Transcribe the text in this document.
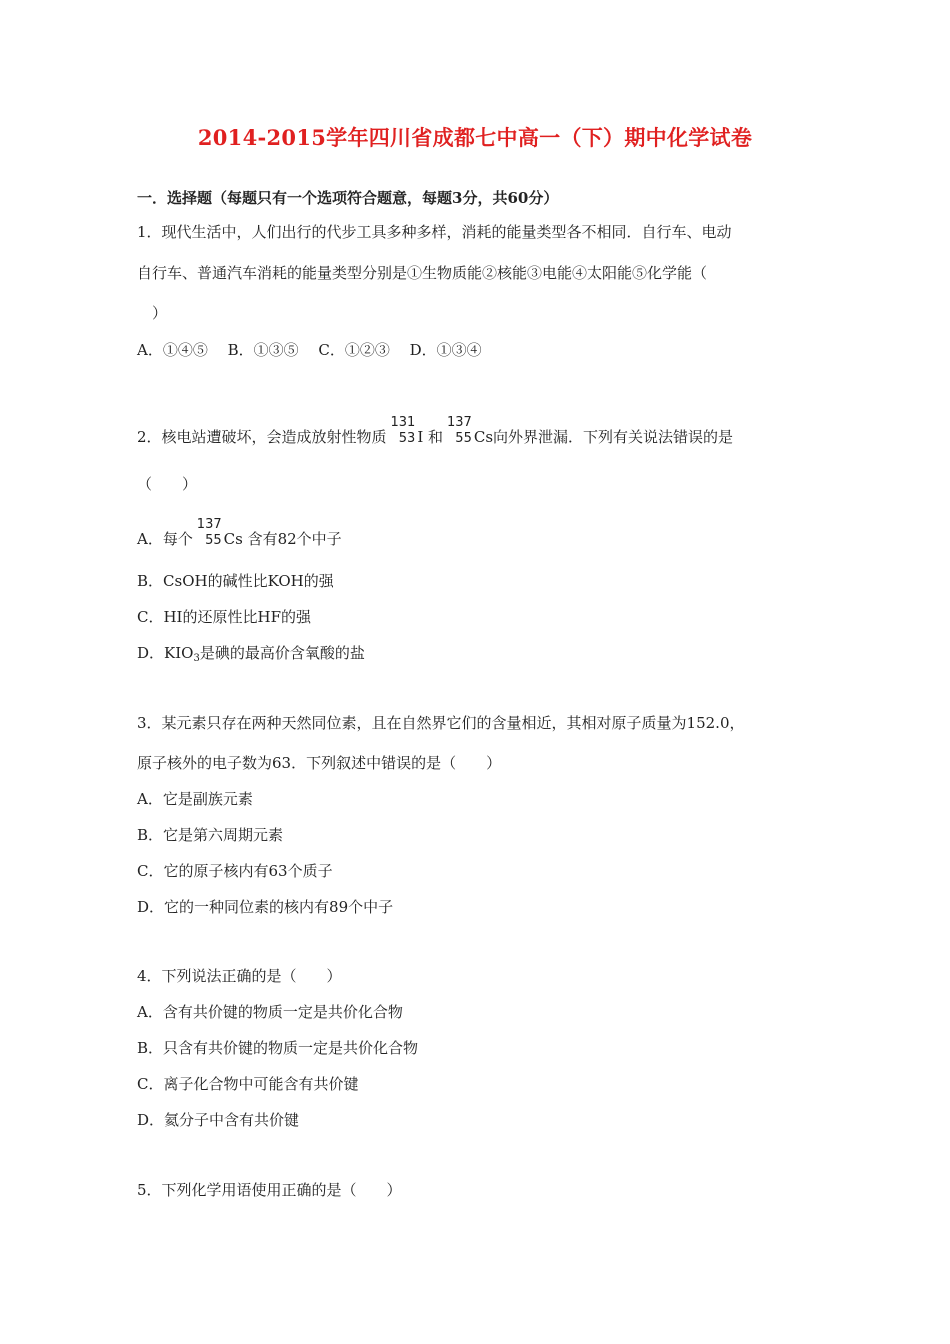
2014-2015学年四川省成都七中高一（下）期中化学试卷
一．选择题（每题只有一个选项符合题意，每题3分，共60分）
1．现代生活中，人们出行的代步工具多种多样，消耗的能量类型各不相同．自行车、电动
自行车、普通汽车消耗的能量类型分别是①生物质能②核能③电能④太阳能⑤化学能（
　）
A．①④⑤　 B．①③⑤　 C．①②③　 D．①③④
2．核电站遭破坏，会造成放射性物质
131
53 I 和
137
55 Cs向外界泄漏．下列有关说法错误的是
（　　）
A．每个
137
55 Cs 含有82个中子
B．CsOH的碱性比KOH的强
C．HI的还原性比HF的强
D．$KIO_3$是碘的最高价含氧酸的盐
3．某元素只存在两种天然同位素，且在自然界它们的含量相近，其相对原子质量为152.0，
原子核外的电子数为63．下列叙述中错误的是（　　）
A．它是副族元素
B．它是第六周期元素
C．它的原子核内有63个质子
D．它的一种同位素的核内有89个中子
4．下列说法正确的是（　　）
A．含有共价键的物质一定是共价化合物
B．只含有共价键的物质一定是共价化合物
C．离子化合物中可能含有共价键
D．氦分子中含有共价键
5．下列化学用语使用正确的是（　　）
